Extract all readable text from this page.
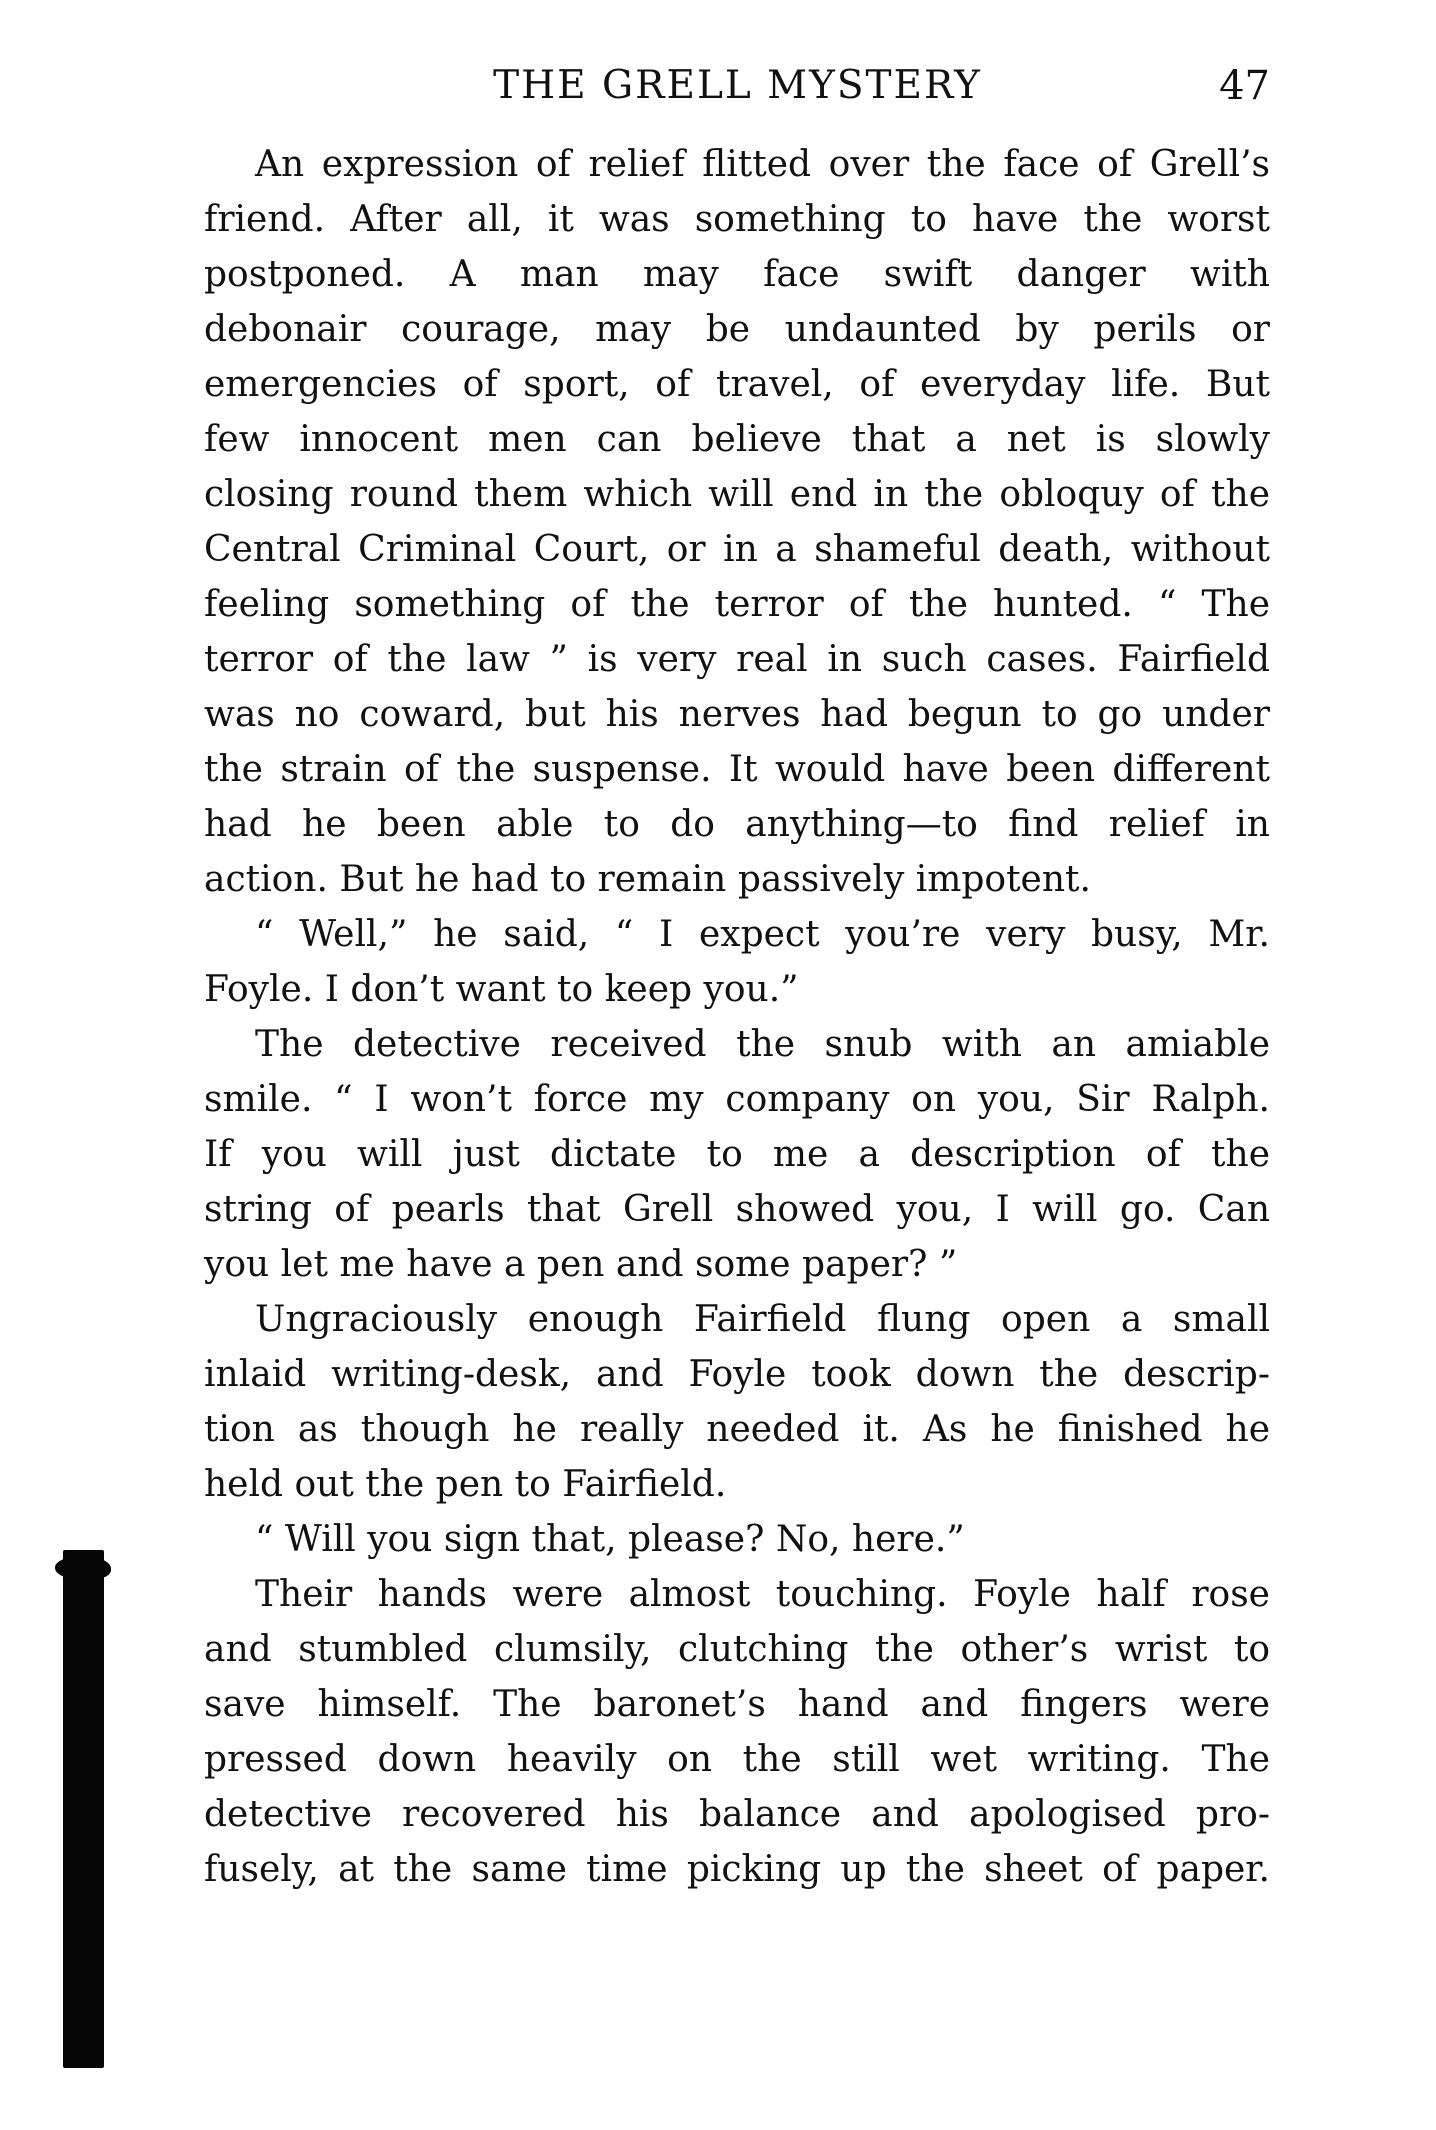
THE GRELL MYSTERY	47
An expression of relief flitted over the face of Grell’s
friend. After all, it was something to have the worst
postponed. A man may face swift danger with
debonair courage, may be undaunted by perils or
emergencies of sport, of travel, of everyday life. But
few innocent men can believe that a net is slowly
closing round them which will end in the obloquy of the
Central Criminal Court, or in a shameful death, without
feeling something of the terror of the hunted. “ The
terror of the law ” is very real in such cases. Fairfield
was no coward, but his nerves had begun to go under
the strain of the suspense. It would have been different
had he been able to do anything—to find relief in
action. But he had to remain passively impotent.
“ Well,” he said, “ I expect you’re very busy, Mr.
Foyle. I don’t want to keep you.”
The detective received the snub with an amiable
smile. “ I won’t force my company on you, Sir Ralph.
If you will just dictate to me a description of the
string of pearls that Grell showed you, I will go. Can
you let me have a pen and some paper? ”
Ungraciously enough Fairfield flung open a small
inlaid writing-desk, and Foyle took down the descrip-
tion as though he really needed it. As he finished he
held out the pen to Fairfield.
“ Will you sign that, please? No, here.”
Their hands were almost touching. Foyle half rose
and stumbled clumsily, clutching the other’s wrist to
save himself. The baronet’s hand and fingers were
pressed down heavily on the still wet writing. The
detective recovered his balance and apologised pro-
fusely, at the same time picking up the sheet of paper.
